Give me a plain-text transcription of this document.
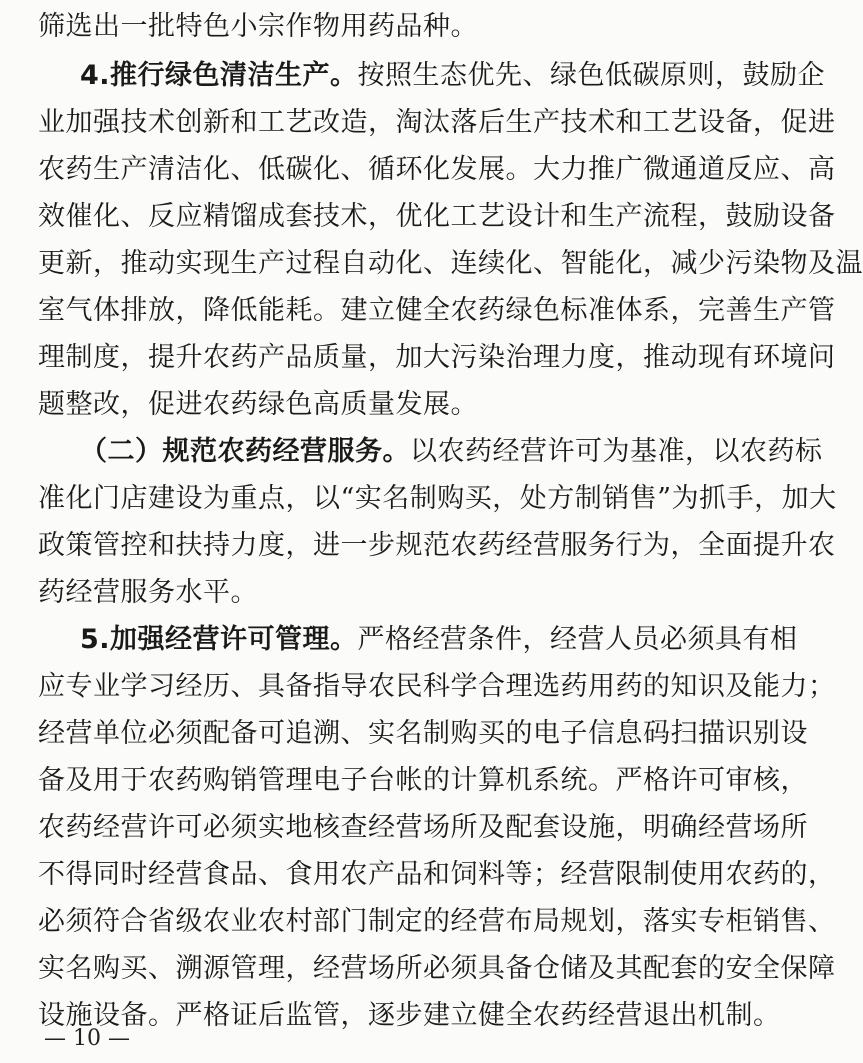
筛选出一批特色小宗作物用药品种。
4.推行绿色清洁生产。按照生态优先、绿色低碳原则，鼓励企
业加强技术创新和工艺改造，淘汰落后生产技术和工艺设备，促进
农药生产清洁化、低碳化、循环化发展。大力推广微通道反应、高
效催化、反应精馏成套技术，优化工艺设计和生产流程，鼓励设备
更新，推动实现生产过程自动化、连续化、智能化，减少污染物及温
室气体排放，降低能耗。建立健全农药绿色标准体系，完善生产管
理制度，提升农药产品质量，加大污染治理力度，推动现有环境问
题整改，促进农药绿色高质量发展。
（二）规范农药经营服务。以农药经营许可为基准，以农药标
准化门店建设为重点，以“实名制购买，处方制销售”为抓手，加大
政策管控和扶持力度，进一步规范农药经营服务行为，全面提升农
药经营服务水平。
5.加强经营许可管理。严格经营条件，经营人员必须具有相
应专业学习经历、具备指导农民科学合理选药用药的知识及能力；
经营单位必须配备可追溯、实名制购买的电子信息码扫描识别设
备及用于农药购销管理电子台帐的计算机系统。严格许可审核，
农药经营许可必须实地核查经营场所及配套设施，明确经营场所
不得同时经营食品、食用农产品和饲料等；经营限制使用农药的，
必须符合省级农业农村部门制定的经营布局规划，落实专柜销售、
实名购买、溯源管理，经营场所必须具备仓储及其配套的安全保障
设施设备。严格证后监管，逐步建立健全农药经营退出机制。
— 10 —
